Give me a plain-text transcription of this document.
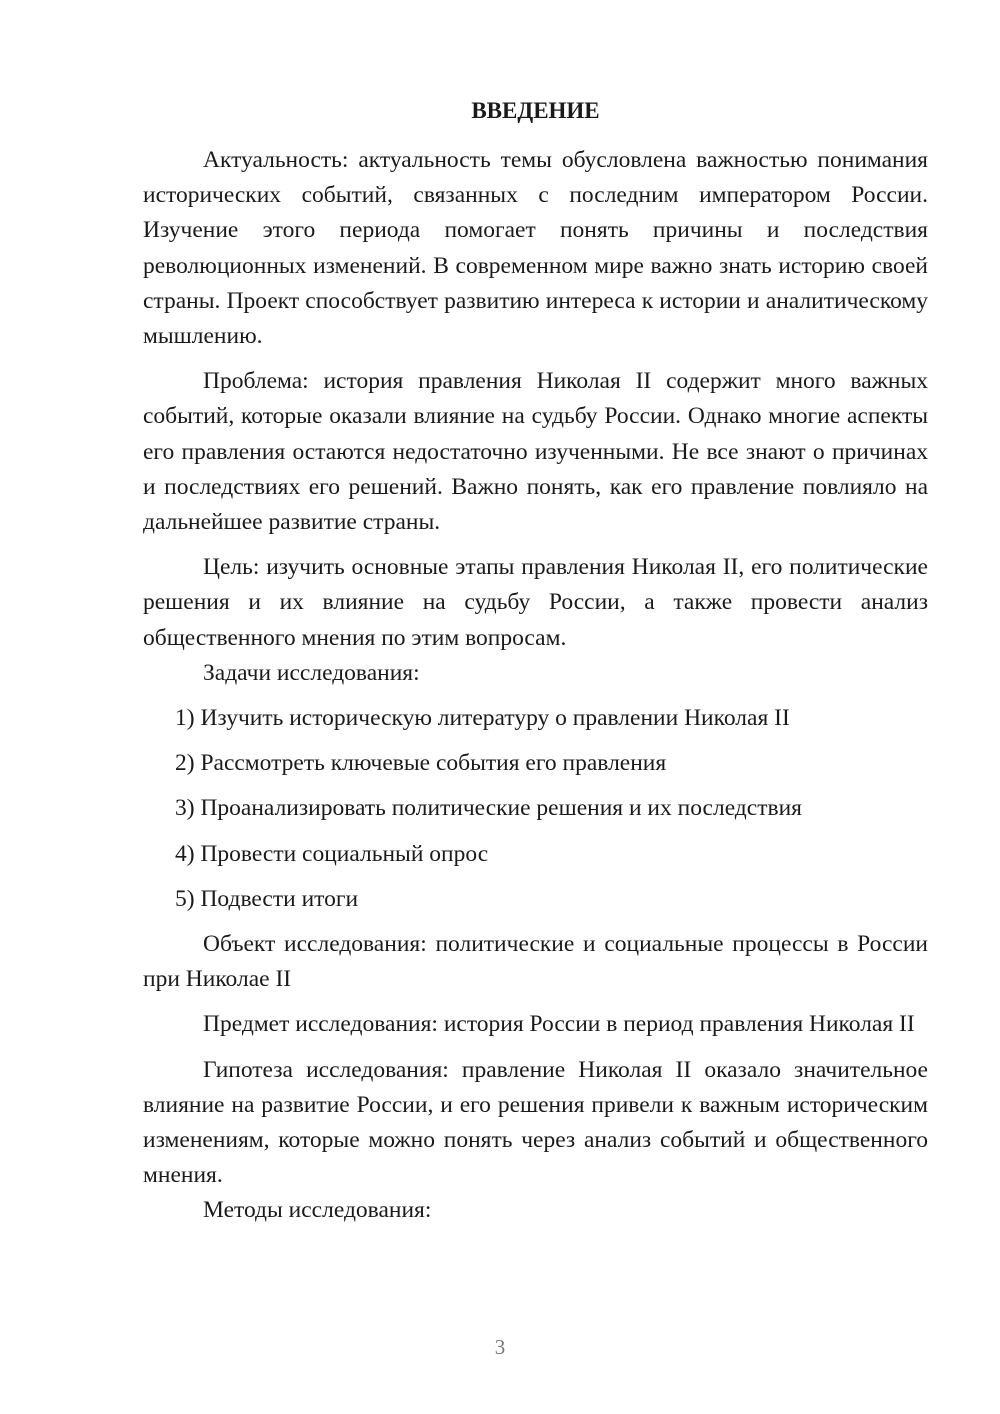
ВВЕДЕНИЕ

Актуальность: актуальность темы обусловлена важностью понимания исторических событий, связанных с последним императором России. Изучение этого периода помогает понять причины и последствия революционных изменений. В современном мире важно знать историю своей страны. Проект способствует развитию интереса к истории и аналитическому мышлению.

Проблема: история правления Николая II содержит много важных событий, которые оказали влияние на судьбу России. Однако многие аспекты его правления остаются недостаточно изученными. Не все знают о причинах и последствиях его решений. Важно понять, как его правление повлияло на дальнейшее развитие страны.

Цель: изучить основные этапы правления Николая II, его политические решения и их влияние на судьбу России, а также провести анализ общественного мнения по этим вопросам.

Задачи исследования:

1) Изучить историческую литературу о правлении Николая II

2) Рассмотреть ключевые события его правления

3) Проанализировать политические решения и их последствия

4) Провести социальный опрос

5) Подвести итоги

Объект исследования: политические и социальные процессы в России при Николае II

Предмет исследования: история России в период правления Николая II

Гипотеза исследования: правление Николая II оказало значительное влияние на развитие России, и его решения привели к важным историческим изменениям, которые можно понять через анализ событий и общественного мнения.

Методы исследования:

3
